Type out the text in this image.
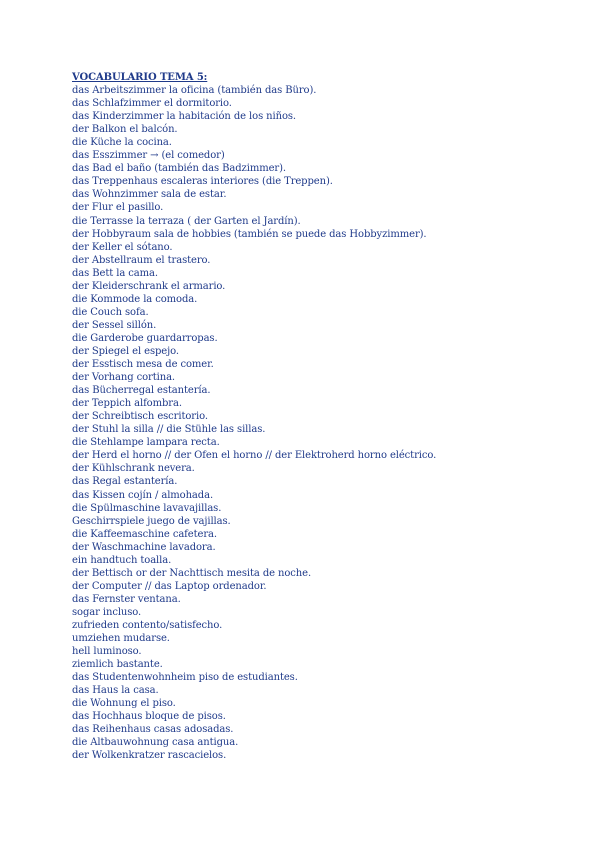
VOCABULARIO TEMA 5:
das Arbeitszimmer la oficina (también das Büro).
das Schlafzimmer el dormitorio.
das Kinderzimmer la habitación de los niños.
der Balkon el balcón.
die Küche la cocina.
das Esszimmer → (el comedor)
das Bad el baño (también das Badzimmer).
das Treppenhaus escaleras interiores (die Treppen).
das Wohnzimmer sala de estar.
der Flur el pasillo.
die Terrasse la terraza ( der Garten el Jardín).
der Hobbyraum sala de hobbies (también se puede das Hobbyzimmer).
der Keller el sótano.
der Abstellraum el trastero.
das Bett la cama.
der Kleiderschrank el armario.
die Kommode la comoda.
die Couch sofa.
der Sessel sillón.
die Garderobe guardarropas.
der Spiegel el espejo.
der Esstisch mesa de comer.
der Vorhang cortina.
das Bücherregal estantería.
der Teppich alfombra.
der Schreibtisch escritorio.
der Stuhl la silla // die Stühle las sillas.
die Stehlampe lampara recta.
der Herd el horno // der Ofen el horno // der Elektroherd horno eléctrico.
der Kühlschrank nevera.
das Regal estantería.
das Kissen cojín / almohada.
die Spülmaschine lavavajillas.
Geschirrspiele juego de vajillas.
die Kaffeemaschine cafetera.
der Waschmachine lavadora.
ein handtuch toalla.
der Bettisch or der Nachttisch mesita de noche.
der Computer // das Laptop ordenador.
das Fernster ventana.
sogar incluso.
zufrieden contento/satisfecho.
umziehen mudarse.
hell luminoso.
ziemlich bastante.
das Studentenwohnheim piso de estudiantes.
das Haus la casa.
die Wohnung el piso.
das Hochhaus bloque de pisos.
das Reihenhaus casas adosadas.
die Altbauwohnung casa antigua.
der Wolkenkratzer rascacielos.
